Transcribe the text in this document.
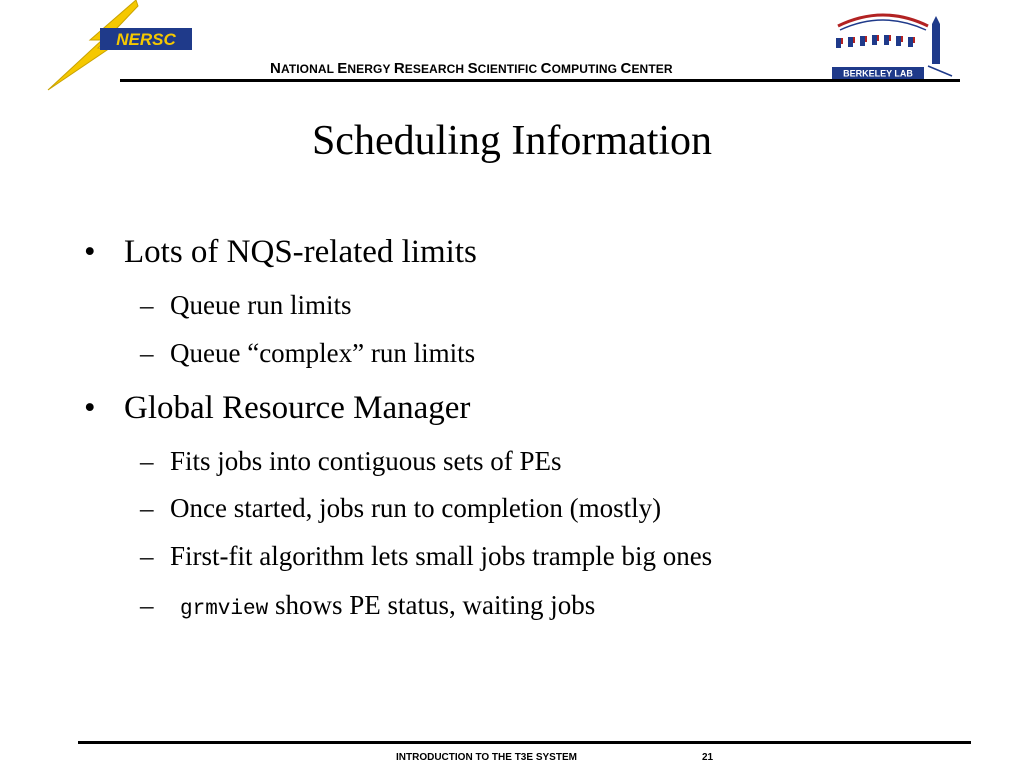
NERSC
NATIONAL ENERGY RESEARCH SCIENTIFIC COMPUTING CENTER	BERKELEY LAB
Scheduling Information
• Lots of NQS-related limits
– Queue run limits
– Queue “complex” run limits
• Global Resource Manager
– Fits jobs into contiguous sets of PEs
– Once started, jobs run to completion (mostly)
– First-fit algorithm lets small jobs trample big ones
– grmview shows PE status, waiting jobs
INTRODUCTION TO THE T3E SYSTEM	21
